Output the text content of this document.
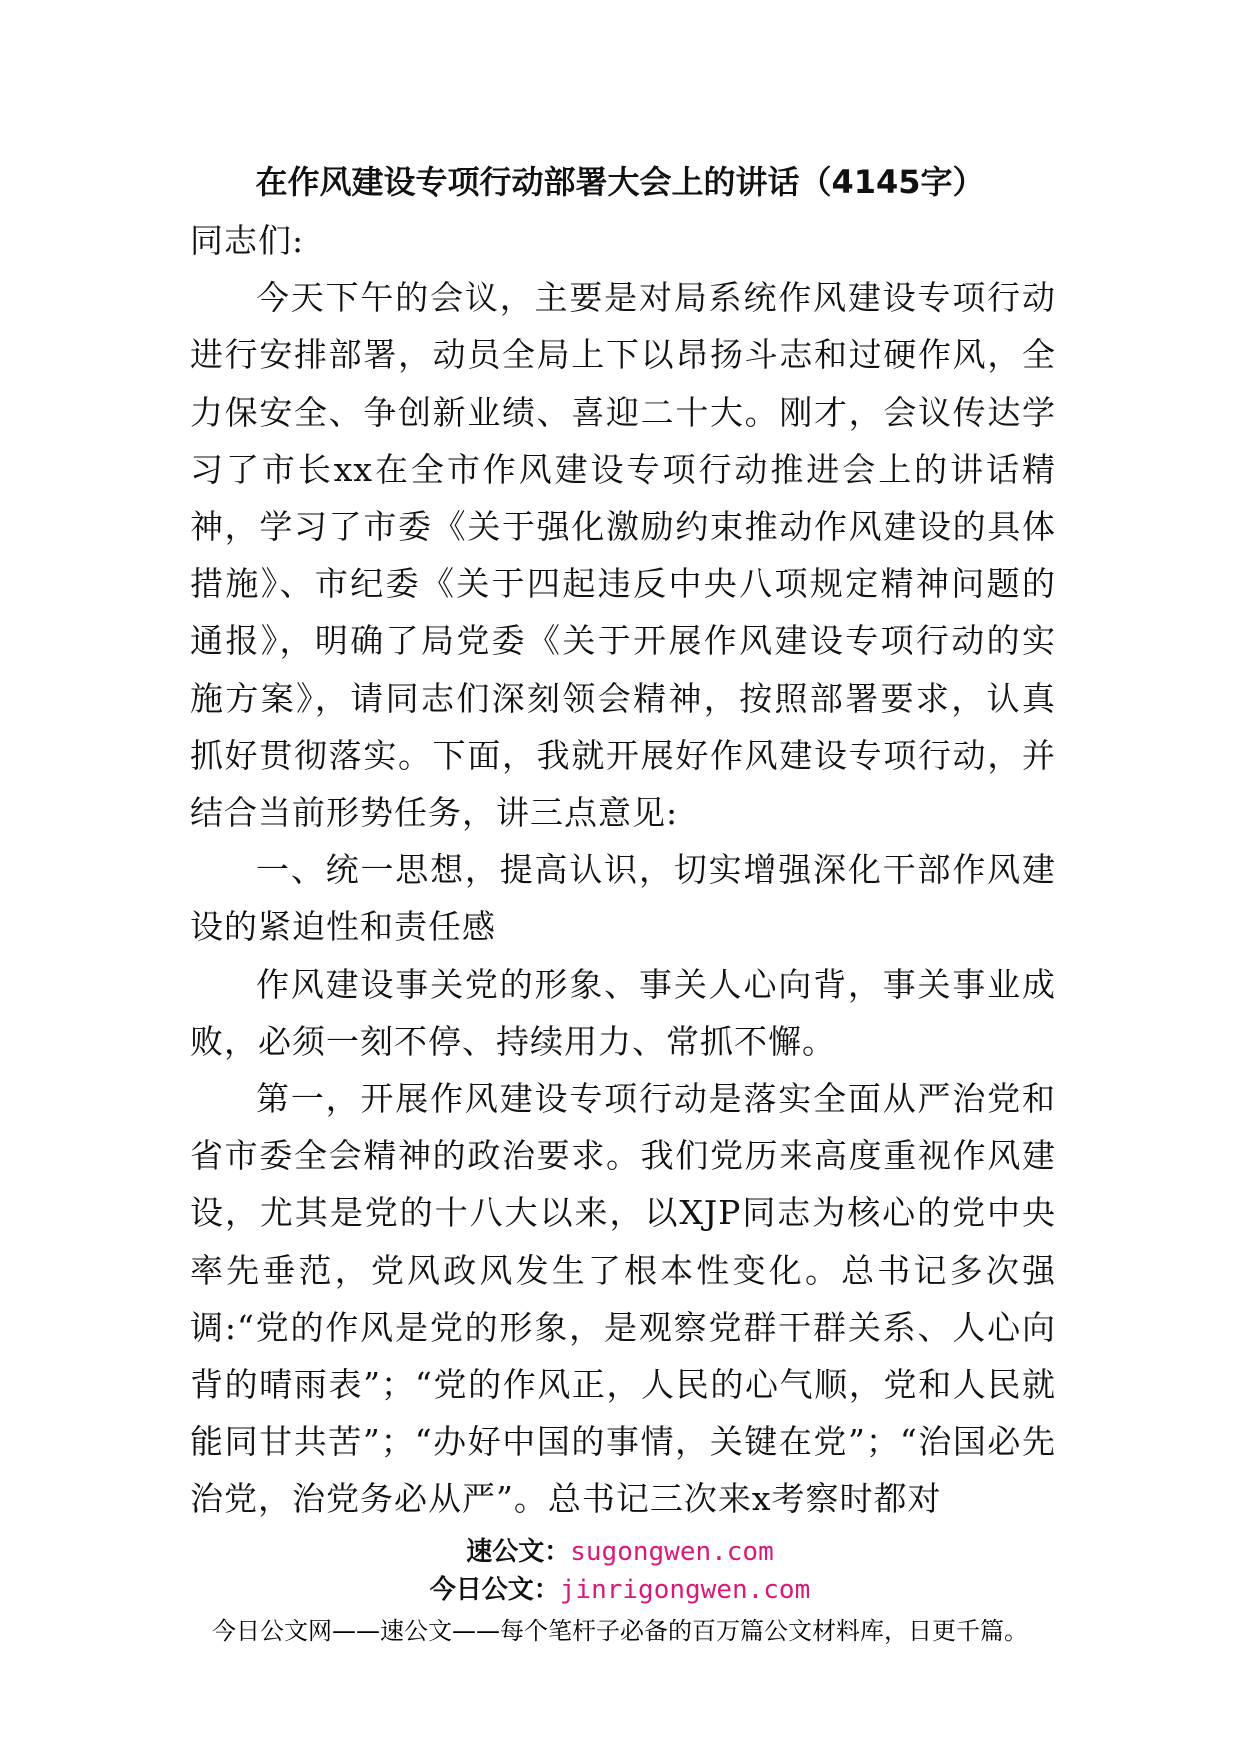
在作风建设专项行动部署大会上的讲话（4145字）

同志们:

今天下午的会议，主要是对局系统作风建设专项行动进行安排部署，动员全局上下以昂扬斗志和过硬作风，全力保安全、争创新业绩、喜迎二十大。刚才，会议传达学习了市长xx在全市作风建设专项行动推进会上的讲话精神，学习了市委《关于强化激励约束推动作风建设的具体措施》、市纪委《关于四起违反中央八项规定精神问题的通报》，明确了局党委《关于开展作风建设专项行动的实施方案》，请同志们深刻领会精神，按照部署要求，认真抓好贯彻落实。下面，我就开展好作风建设专项行动，并结合当前形势任务，讲三点意见:

一、统一思想，提高认识，切实增强深化干部作风建设的紧迫性和责任感

作风建设事关党的形象、事关人心向背，事关事业成败，必须一刻不停、持续用力、常抓不懈。

第一，开展作风建设专项行动是落实全面从严治党和省市委全会精神的政治要求。我们党历来高度重视作风建设，尤其是党的十八大以来，以XJP同志为核心的党中央率先垂范，党风政风发生了根本性变化。总书记多次强调:“党的作风是党的形象，是观察党群干群关系、人心向背的晴雨表”；“党的作风正，人民的心气顺，党和人民就能同甘共苦”；“办好中国的事情，关键在党”；“治国必先治党，治党务必从严”。总书记三次来x考察时都对

速公文：sugongwen.com
今日公文：jinrigongwen.com
今日公文网——速公文——每个笔杆子必备的百万篇公文材料库，日更千篇。
